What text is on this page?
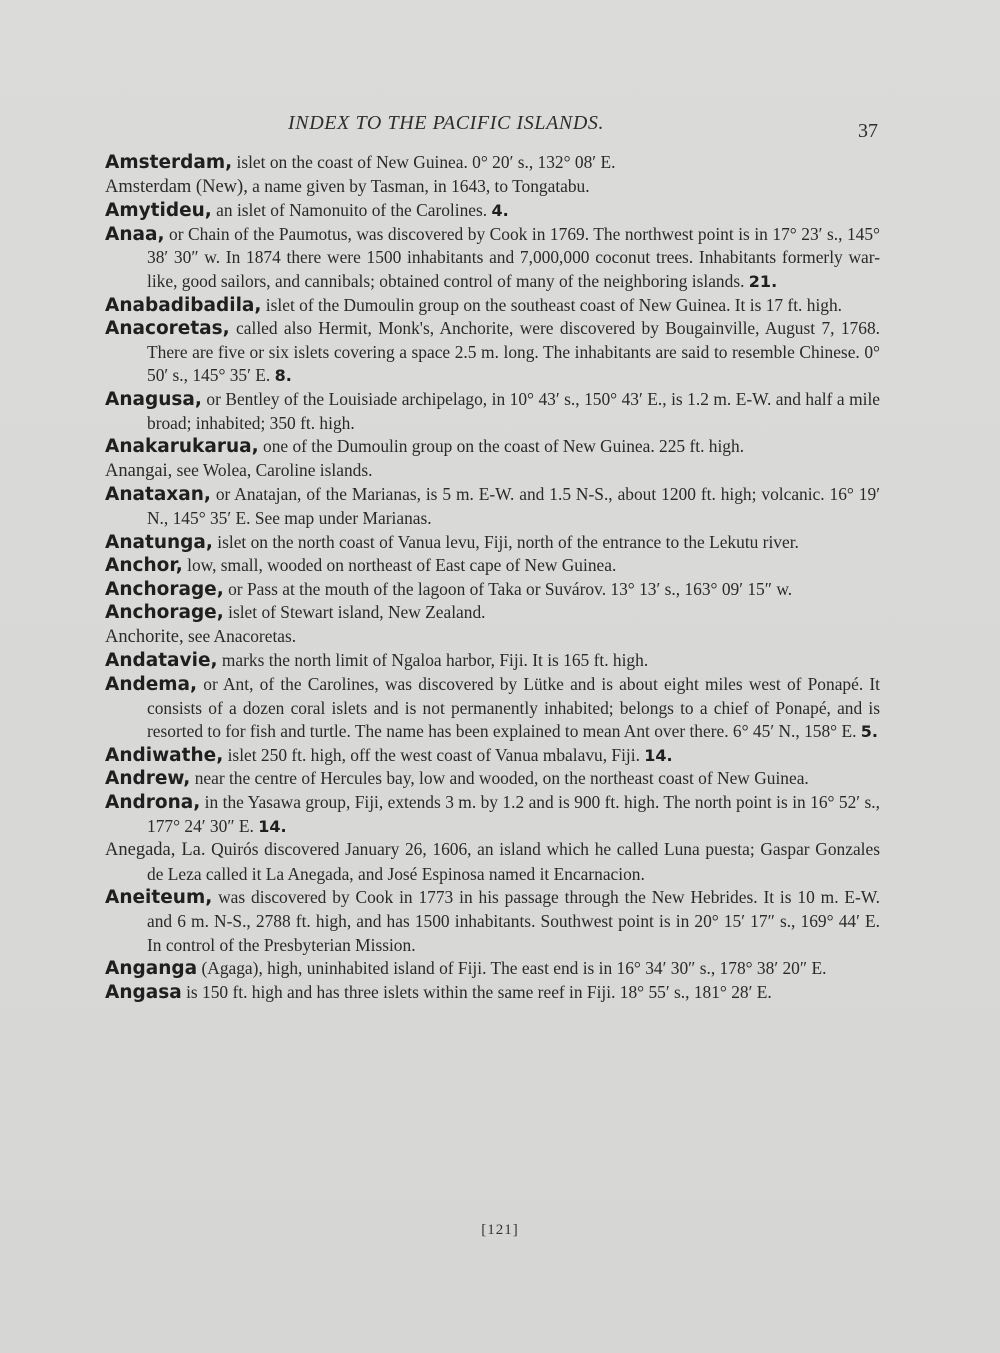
INDEX TO THE PACIFIC ISLANDS.	37

Amsterdam, islet on the coast of New Guinea. 0° 20′ s., 132° 08′ E.

Amsterdam (New), a name given by Tasman, in 1643, to Tongatabu.

Amytideu, an islet of Namonuito of the Carolines. 4.

Anaa, or Chain of the Paumotus, was discovered by Cook in 1769. The northwest point is in 17° 23′ s., 145° 38′ 30″ w. In 1874 there were 1500 inhabitants and 7,000,000 coconut trees. Inhabitants formerly war-like, good sailors, and cannibals; obtained control of many of the neighboring islands. 21.

Anabadibadila, islet of the Dumoulin group on the southeast coast of New Guinea. It is 17 ft. high.

Anacoretas, called also Hermit, Monk's, Anchorite, were discovered by Bougainville, August 7, 1768. There are five or six islets covering a space 2.5 m. long. The inhabitants are said to resemble Chinese. 0° 50′ s., 145° 35′ E. 8.

Anagusa, or Bentley of the Louisiade archipelago, in 10° 43′ s., 150° 43′ E., is 1.2 m. E-W. and half a mile broad; inhabited; 350 ft. high.

Anakarukarua, one of the Dumoulin group on the coast of New Guinea. 225 ft. high.

Anangai, see Wolea, Caroline islands.

Anataxan, or Anatajan, of the Marianas, is 5 m. E-W. and 1.5 N-S., about 1200 ft. high; volcanic. 16° 19′ N., 145° 35′ E. See map under Marianas.

Anatunga, islet on the north coast of Vanua levu, Fiji, north of the entrance to the Lekutu river.

Anchor, low, small, wooded on northeast of East cape of New Guinea.

Anchorage, or Pass at the mouth of the lagoon of Taka or Suvárov. 13° 13′ s., 163° 09′ 15″ w.

Anchorage, islet of Stewart island, New Zealand.

Anchorite, see Anacoretas.

Andatavie, marks the north limit of Ngaloa harbor, Fiji. It is 165 ft. high.

Andema, or Ant, of the Carolines, was discovered by Lütke and is about eight miles west of Ponapé. It consists of a dozen coral islets and is not permanently inhabited; belongs to a chief of Ponapé, and is resorted to for fish and turtle. The name has been explained to mean Ant over there. 6° 45′ N., 158° E. 5.

Andiwathe, islet 250 ft. high, off the west coast of Vanua mbalavu, Fiji. 14.

Andrew, near the centre of Hercules bay, low and wooded, on the northeast coast of New Guinea.

Androna, in the Yasawa group, Fiji, extends 3 m. by 1.2 and is 900 ft. high. The north point is in 16° 52′ s., 177° 24′ 30″ E. 14.

Anegada, La. Quirós discovered January 26, 1606, an island which he called Luna puesta; Gaspar Gonzales de Leza called it La Anegada, and José Espinosa named it Encarnacion.

Aneiteum, was discovered by Cook in 1773 in his passage through the New Hebrides. It is 10 m. E-W. and 6 m. N-S., 2788 ft. high, and has 1500 inhabitants. Southwest point is in 20° 15′ 17″ s., 169° 44′ E. In control of the Presbyterian Mission.

Anganga (Agaga), high, uninhabited island of Fiji. The east end is in 16° 34′ 30″ s., 178° 38′ 20″ E.

Angasa is 150 ft. high and has three islets within the same reef in Fiji. 18° 55′ s., 181° 28′ E.

[121]
